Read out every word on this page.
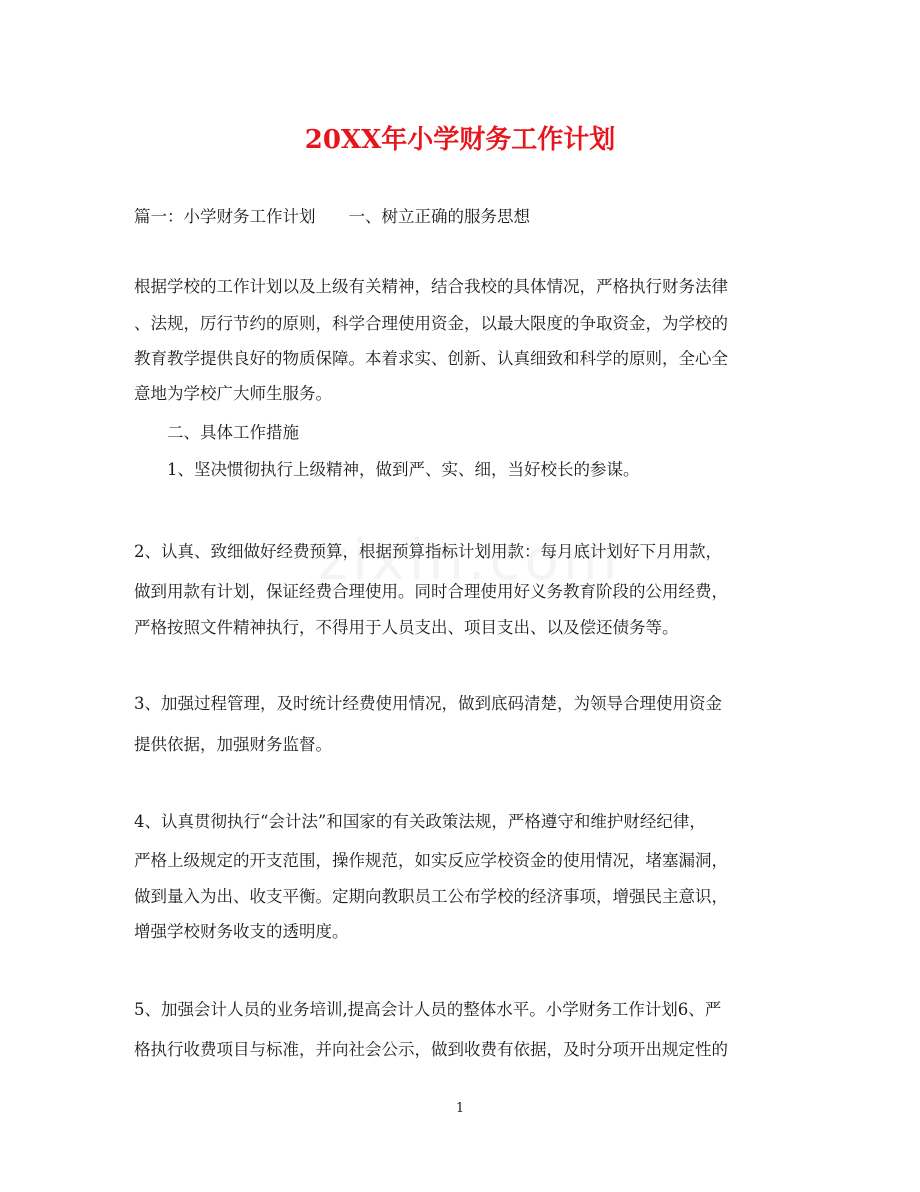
20XX年小学财务工作计划
篇一：小学财务工作计划　　一、树立正确的服务思想
根据学校的工作计划以及上级有关精神，结合我校的具体情况，严格执行财务法律
、法规，厉行节约的原则，科学合理使用资金，以最大限度的争取资金，为学校的
教育教学提供良好的物质保障。本着求实、创新、认真细致和科学的原则，全心全
意地为学校广大师生服务。
　　二、具体工作措施
　　1、坚决惯彻执行上级精神，做到严、实、细，当好校长的参谋。
2、认真、致细做好经费预算，根据预算指标计划用款：每月底计划好下月用款，
做到用款有计划，保证经费合理使用。同时合理使用好义务教育阶段的公用经费，
严格按照文件精神执行，不得用于人员支出、项目支出、以及偿还债务等。
3、加强过程管理，及时统计经费使用情况，做到底码清楚，为领导合理使用资金
提供依据，加强财务监督。
4、认真贯彻执行“会计法”和国家的有关政策法规，严格遵守和维护财经纪律，
严格上级规定的开支范围，操作规范，如实反应学校资金的使用情况，堵塞漏洞，
做到量入为出、收支平衡。定期向教职员工公布学校的经济事项，增强民主意识，
增强学校财务收支的透明度。
5、加强会计人员的业务培训,提高会计人员的整体水平。小学财务工作计划6、严
格执行收费项目与标准，并向社会公示，做到收费有依据，及时分项开出规定性的
1
